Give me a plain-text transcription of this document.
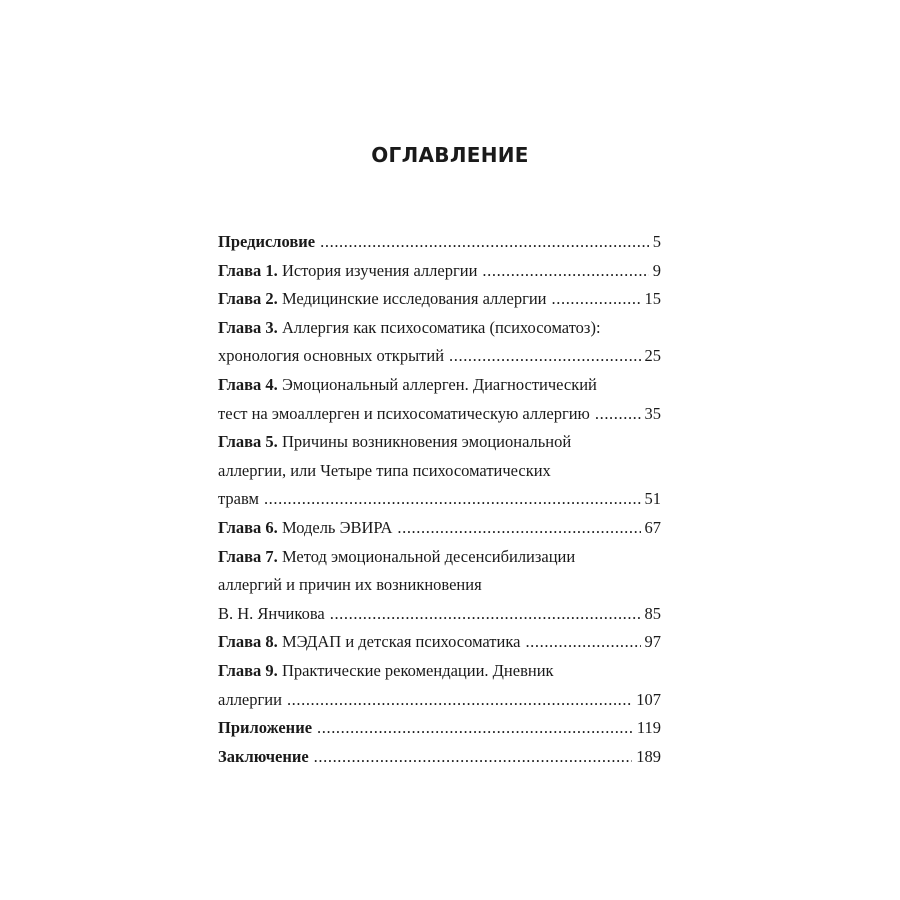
ОГЛАВЛЕНИЕ
Предисловие .....	5
Глава 1. История изучения аллергии .....	9
Глава 2. Медицинские исследования аллергии .....	15
Глава 3. Аллергия как психосоматика (психосоматоз):
хронология основных открытий .....	25
Глава 4. Эмоциональный аллерген. Диагностический
тест на эмоаллерген и психосоматическую аллергию .....	35
Глава 5. Причины возникновения эмоциональной
аллергии, или Четыре типа психосоматических
травм .....	51
Глава 6. Модель ЭВИРА .....	67
Глава 7. Метод эмоциональной десенсибилизации
аллергий и причин их возникновения
В. Н. Янчикова .....	85
Глава 8. МЭДАП и детская психосоматика .....	97
Глава 9. Практические рекомендации. Дневник
аллергии .....	107
Приложение .....	119
Заключение .....	189
